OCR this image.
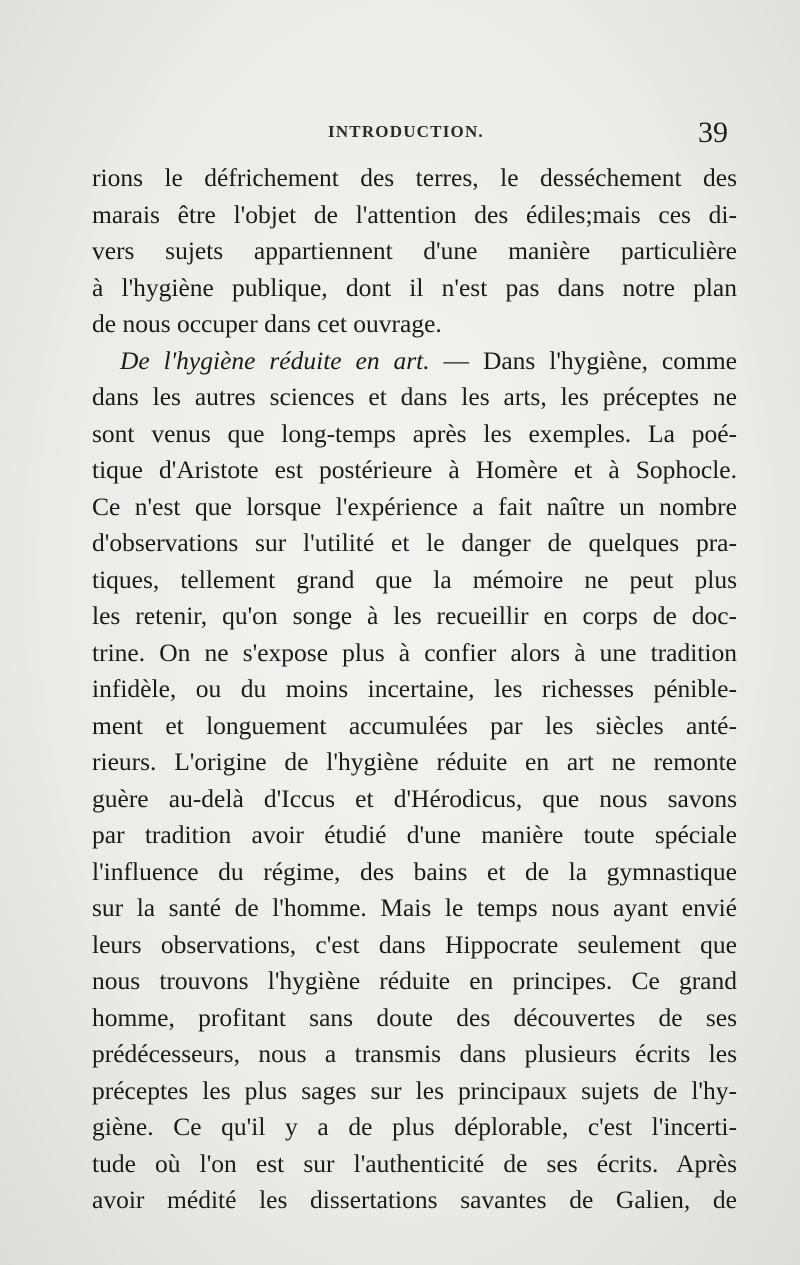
INTRODUCTION.	39
rions le défrichement des terres, le desséchement des
marais être l'objet de l'attention des édiles;mais ces di-
vers sujets appartiennent d'une manière particulière
à l'hygiène publique, dont il n'est pas dans notre plan
de nous occuper dans cet ouvrage.
De l'hygiène réduite en art. — Dans l'hygiène, comme
dans les autres sciences et dans les arts, les préceptes ne
sont venus que long-temps après les exemples. La poé-
tique d'Aristote est postérieure à Homère et à Sophocle.
Ce n'est que lorsque l'expérience a fait naître un nombre
d'observations sur l'utilité et le danger de quelques pra-
tiques, tellement grand que la mémoire ne peut plus
les retenir, qu'on songe à les recueillir en corps de doc-
trine. On ne s'expose plus à confier alors à une tradition
infidèle, ou du moins incertaine, les richesses pénible-
ment et longuement accumulées par les siècles anté-
rieurs. L'origine de l'hygiène réduite en art ne remonte
guère au-delà d'Iccus et d'Hérodicus, que nous savons
par tradition avoir étudié d'une manière toute spéciale
l'influence du régime, des bains et de la gymnastique
sur la santé de l'homme. Mais le temps nous ayant envié
leurs observations, c'est dans Hippocrate seulement que
nous trouvons l'hygiène réduite en principes. Ce grand
homme, profitant sans doute des découvertes de ses
prédécesseurs, nous a transmis dans plusieurs écrits les
préceptes les plus sages sur les principaux sujets de l'hy-
giène. Ce qu'il y a de plus déplorable, c'est l'incerti-
tude où l'on est sur l'authenticité de ses écrits. Après
avoir médité les dissertations savantes de Galien, de
